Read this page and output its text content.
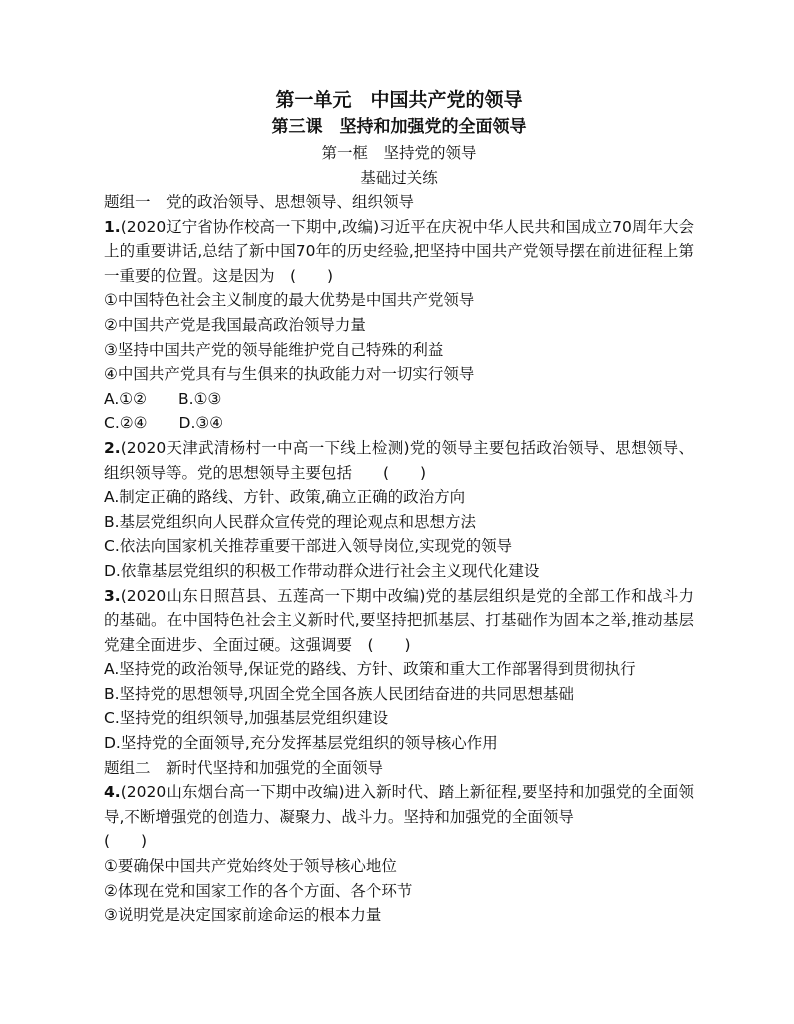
第一单元　中国共产党的领导
第三课　坚持和加强党的全面领导
第一框　坚持党的领导
基础过关练
题组一　党的政治领导、思想领导、组织领导
1.(2020辽宁省协作校高一下期中,改编)习近平在庆祝中华人民共和国成立70周年大会上的重要讲话,总结了新中国70年的历史经验,把坚持中国共产党领导摆在前进征程上第一重要的位置。这是因为　(　　)
①中国特色社会主义制度的最大优势是中国共产党领导
②中国共产党是我国最高政治领导力量
③坚持中国共产党的领导能维护党自己特殊的利益
④中国共产党具有与生俱来的执政能力对一切实行领导
A.①②　　B.①③
C.②④　　D.③④
2.(2020天津武清杨村一中高一下线上检测)党的领导主要包括政治领导、思想领导、组织领导等。党的思想领导主要包括　　(　　)
A.制定正确的路线、方针、政策,确立正确的政治方向
B.基层党组织向人民群众宣传党的理论观点和思想方法
C.依法向国家机关推荐重要干部进入领导岗位,实现党的领导
D.依靠基层党组织的积极工作带动群众进行社会主义现代化建设
3.(2020山东日照莒县、五莲高一下期中改编)党的基层组织是党的全部工作和战斗力的基础。在中国特色社会主义新时代,要坚持把抓基层、打基础作为固本之举,推动基层党建全面进步、全面过硬。这强调要　(　　)
A.坚持党的政治领导,保证党的路线、方针、政策和重大工作部署得到贯彻执行
B.坚持党的思想领导,巩固全党全国各族人民团结奋进的共同思想基础
C.坚持党的组织领导,加强基层党组织建设
D.坚持党的全面领导,充分发挥基层党组织的领导核心作用
题组二　新时代坚持和加强党的全面领导
4.(2020山东烟台高一下期中改编)进入新时代、踏上新征程,要坚持和加强党的全面领导,不断增强党的创造力、凝聚力、战斗力。坚持和加强党的全面领导
(　　)
①要确保中国共产党始终处于领导核心地位
②体现在党和国家工作的各个方面、各个环节
③说明党是决定国家前途命运的根本力量
